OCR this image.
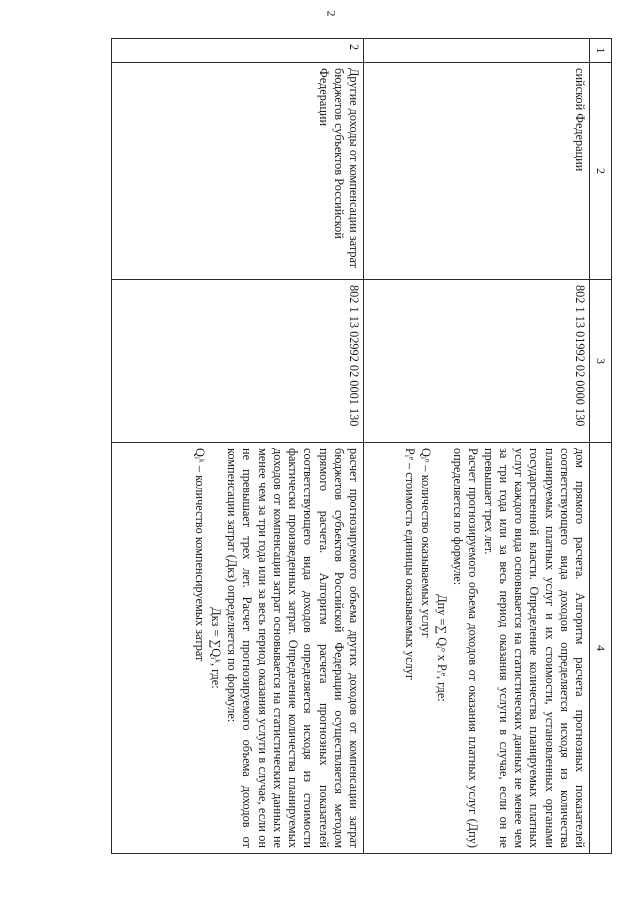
2
1	2	3	4
	сийской Федерации	802 1 13 01992 02 0000 130	дом прямого расчета. Алгоритм расчета прогнозных показателей соответствующего вида доходов определяется исходя из количества планируемых платных услуг и их стоимости, установленных органами государственной власти. Определение количества планируемых платных услуг каждого вида основывается на статистических данных не менее чем за три года или за весь период оказания услуги в случае, если он не превышает трех лет.

Расчет прогнозируемого объема доходов от оказания платных услуг (Дпу) определяется по формуле:

Дпу =∑ Qᵢᵒ x Pᵢᵉ, где:

Qᵢᵒ – количество оказываемых услуг

Pᵢᵉ – стоимость единицы оказываемых услуг

2	Другие доходы от компенсации затрат бюджетов субъектов Российской Федерации	802 1 13 02992 02 0001 130	расчет прогнозируемого объема других доходов от компенсации затрат бюджетов субъектов Российской Федерации осуществляется методом прямого расчета. Алгоритм расчета прогнозных показателей соответствующего вида доходов определяется исходя из стоимости фактически произведенных затрат. Определение количества планируемых доходов от компенсации затрат основывается на статистических данных не менее чем за три года или за весь период оказания услуги в случае, если он не превышает трех лет. Расчет прогнозируемого объема доходов от компенсации затрат (Дкз) определяется по формуле:

Дкз = ∑Qᵢᵏ, где:

Qᵢᵏ – количество компенсируемых затрат
